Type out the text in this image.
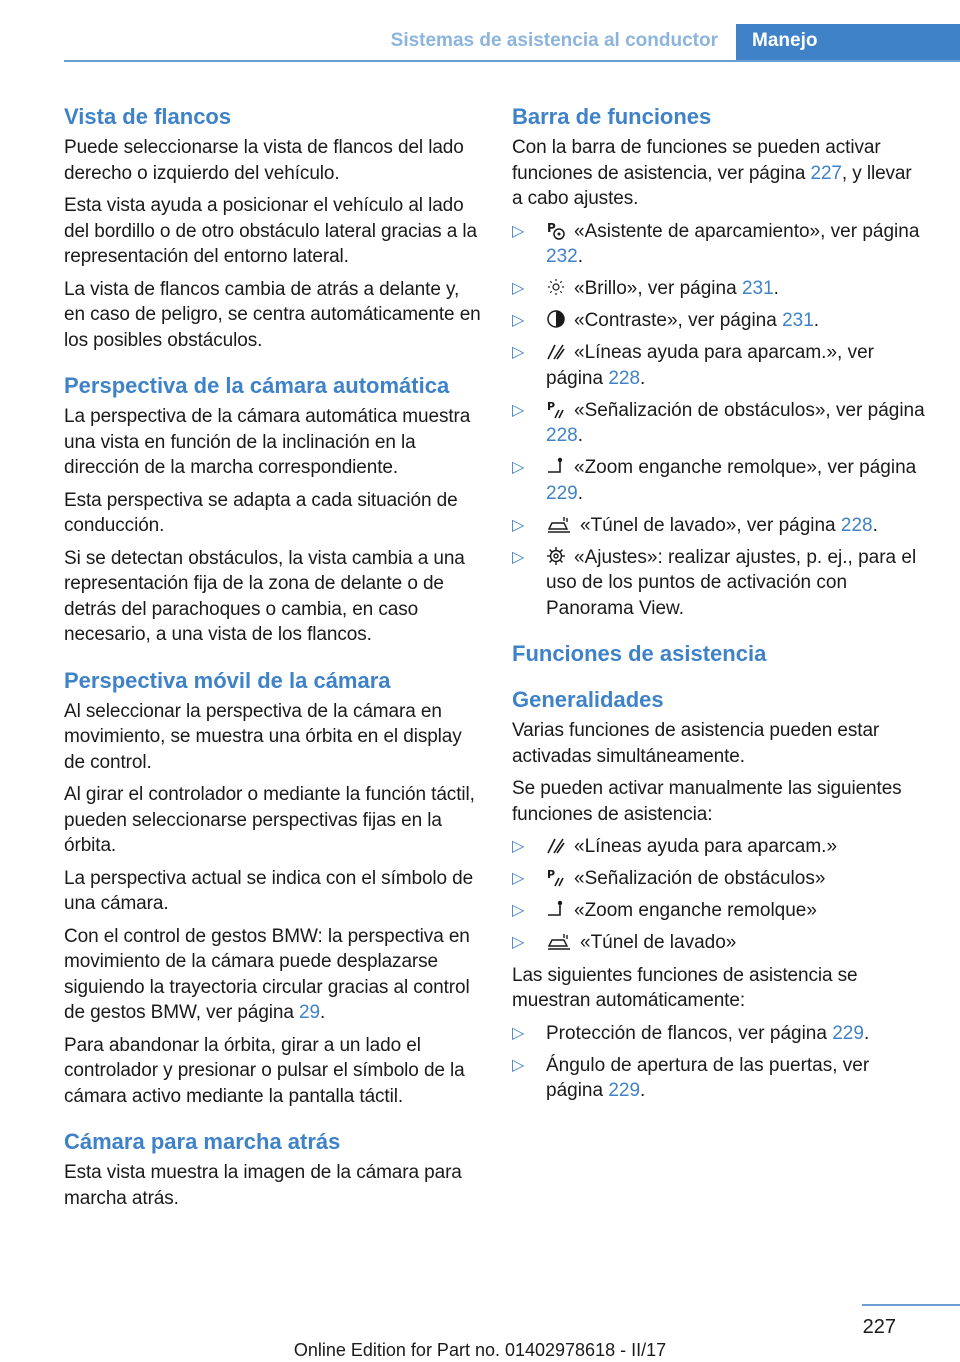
Sistemas de asistencia al conductor	Manejo
Vista de flancos

Puede seleccionarse la vista de flancos del lado derecho o izquierdo del vehículo.

Esta vista ayuda a posicionar el vehículo al lado del bordillo o de otro obstáculo lateral gracias a la representación del entorno lateral.

La vista de flancos cambia de atrás a delante y, en caso de peligro, se centra automáticamente en los posibles obstáculos.

Perspectiva de la cámara automática

La perspectiva de la cámara automática muestra una vista en función de la inclinación en la dirección de la marcha correspondiente.

Esta perspectiva se adapta a cada situación de conducción.

Si se detectan obstáculos, la vista cambia a una representación fija de la zona de delante o de detrás del parachoques o cambia, en caso necesario, a una vista de los flancos.

Perspectiva móvil de la cámara

Al seleccionar la perspectiva de la cámara en movimiento, se muestra una órbita en el display de control.

Al girar el controlador o mediante la función táctil, pueden seleccionarse perspectivas fijas en la órbita.

La perspectiva actual se indica con el símbolo de una cámara.

Con el control de gestos BMW: la perspectiva en movimiento de la cámara puede desplazarse siguiendo la trayectoria circular gracias al control de gestos BMW, ver página 29.

Para abandonar la órbita, girar a un lado el controlador y presionar o pulsar el símbolo de la cámara activo mediante la pantalla táctil.

Cámara para marcha atrás

Esta vista muestra la imagen de la cámara para marcha atrás.

Barra de funciones

Con la barra de funciones se pueden activar funciones de asistencia, ver página 227, y llevar a cabo ajustes.

▷ P «Asistente de aparcamiento», ver página 232.
▷	«Brillo», ver página 231.
▷	«Contraste», ver página 231.
▷	«Líneas ayuda para aparcam.», ver página 228.
▷ P «Señalización de obstáculos», ver página 228.
▷	«Zoom enganche remolque», ver página 229.
▷	«Túnel de lavado», ver página 228.
▷	«Ajustes»: realizar ajustes, p. ej., para el uso de los puntos de activación con Panorama View.
Funciones de asistencia
Generalidades

Varias funciones de asistencia pueden estar activadas simultáneamente.

Se pueden activar manualmente las siguientes funciones de asistencia:

▷	«Líneas ayuda para aparcam.»
▷ P «Señalización de obstáculos»
▷	«Zoom enganche remolque»
▷	«Túnel de lavado»

Las siguientes funciones de asistencia se muestran automáticamente:

▷ Protección de flancos, ver página 229.
▷ Ángulo de apertura de las puertas, ver página 229.
227
Online Edition for Part no. 01402978618 - II/17
